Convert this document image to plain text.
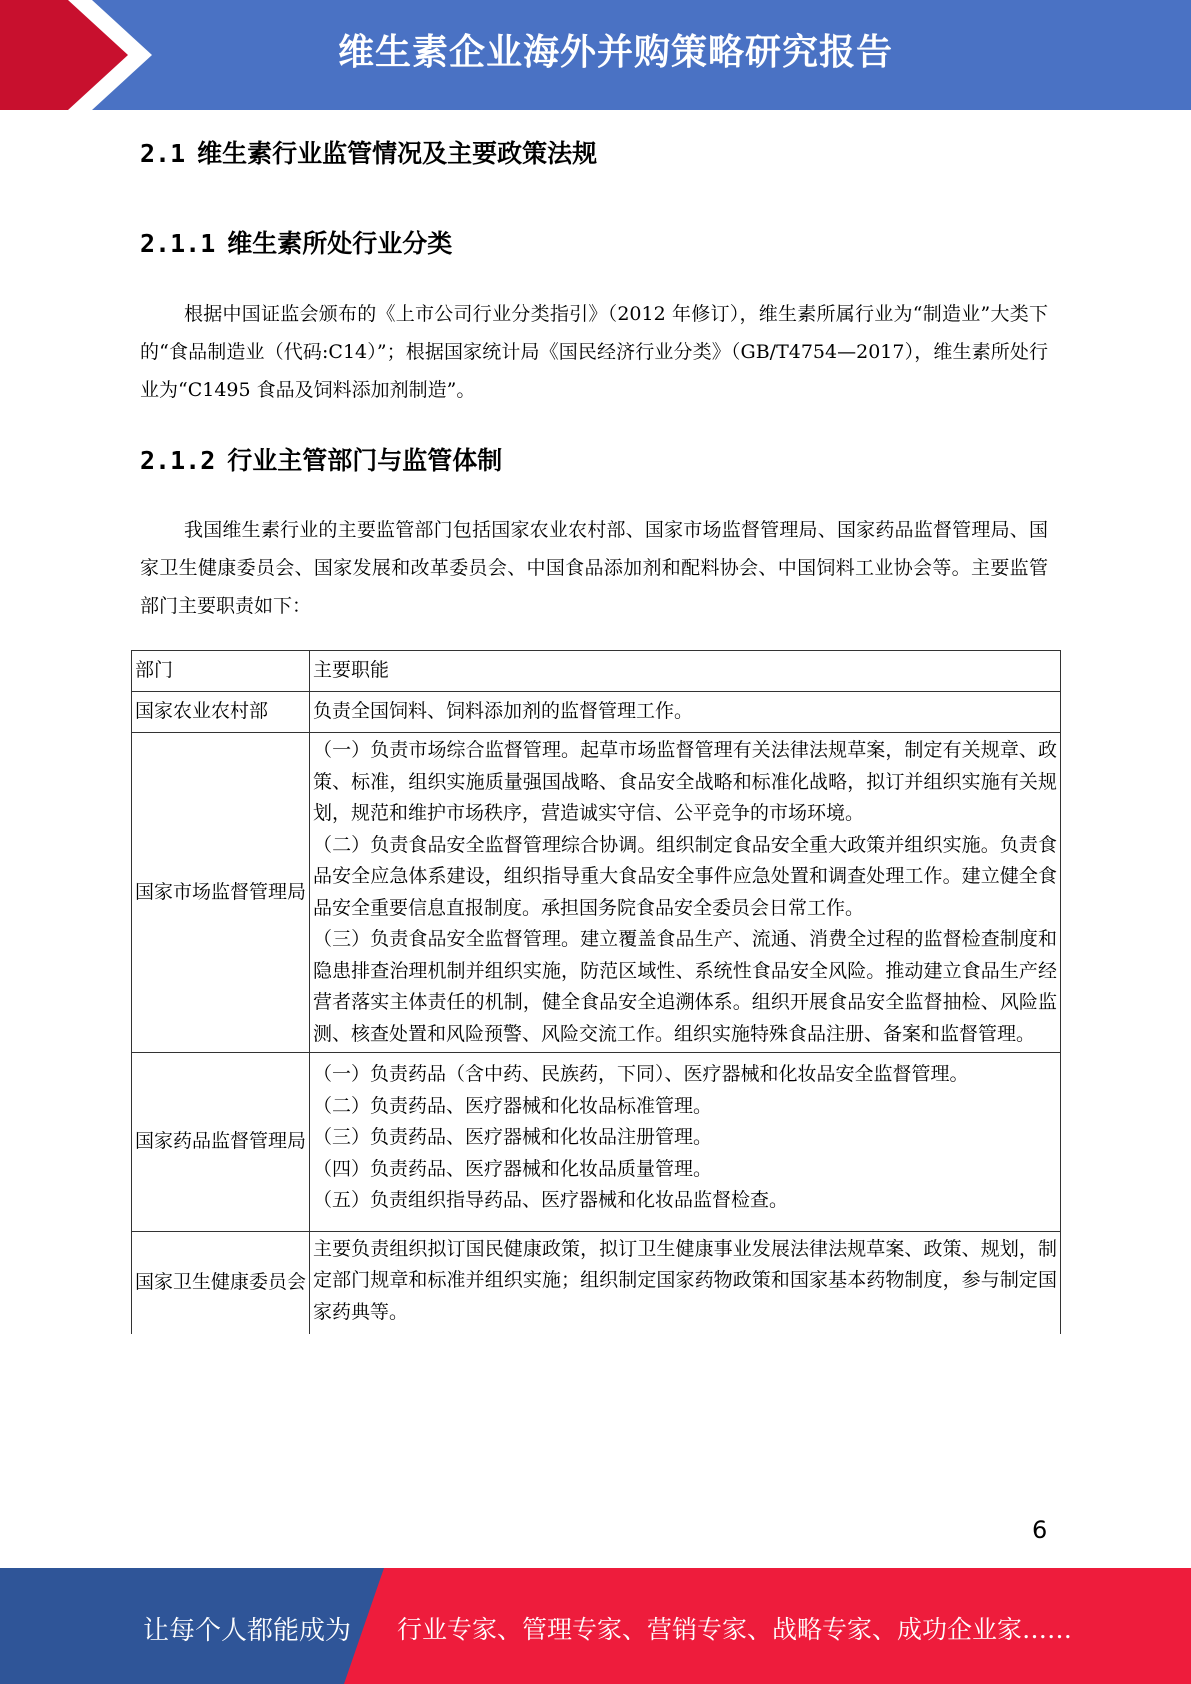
维生素企业海外并购策略研究报告
2.1 维生素行业监管情况及主要政策法规
2.1.1 维生素所处行业分类
根据中国证监会颁布的《上市公司行业分类指引》（2012 年修订），维生素所属行业为“制造业”大类下的“食品制造业（代码:C14）”；根据国家统计局《国民经济行业分类》（GB/T4754—2017），维生素所处行业为“C1495 食品及饲料添加剂制造”。
2.1.2 行业主管部门与监管体制
我国维生素行业的主要监管部门包括国家农业农村部、国家市场监督管理局、国家药品监督管理局、国家卫生健康委员会、国家发展和改革委员会、中国食品添加剂和配料协会、中国饲料工业协会等。主要监管部门主要职责如下：
部门	主要职能
国家农业农村部	负责全国饲料、饲料添加剂的监督管理工作。

国家市场监督管理局	（一）负责市场综合监督管理。起草市场监督管理有关法律法规草案，制定有关规章、政策、标准，组织实施质量强国战略、食品安全战略和标准化战略，拟订并组织实施有关规划，规范和维护市场秩序，营造诚实守信、公平竞争的市场环境。
（二）负责食品安全监督管理综合协调。组织制定食品安全重大政策并组织实施。负责食品安全应急体系建设，组织指导重大食品安全事件应急处置和调查处理工作。建立健全食品安全重要信息直报制度。承担国务院食品安全委员会日常工作。
（三）负责食品安全监督管理。建立覆盖食品生产、流通、消费全过程的监督检查制度和隐患排查治理机制并组织实施，防范区域性、系统性食品安全风险。推动建立食品生产经营者落实主体责任的机制，健全食品安全追溯体系。组织开展食品安全监督抽检、风险监测、核查处置和风险预警、风险交流工作。组织实施特殊食品注册、备案和监督管理。

国家药品监督管理局	（一）负责药品（含中药、民族药，下同）、医疗器械和化妆品安全监督管理。
（二）负责药品、医疗器械和化妆品标准管理。
（三）负责药品、医疗器械和化妆品注册管理。
（四）负责药品、医疗器械和化妆品质量管理。
（五）负责组织指导药品、医疗器械和化妆品监督检查。

国家卫生健康委员会	主要负责组织拟订国民健康政策，拟订卫生健康事业发展法律法规草案、政策、规划，制定部门规章和标准并组织实施；组织制定国家药物政策和国家基本药物制度，参与制定国家药典等。
6
让每个人都能成为 行业专家、管理专家、营销专家、战略专家、成功企业家……
